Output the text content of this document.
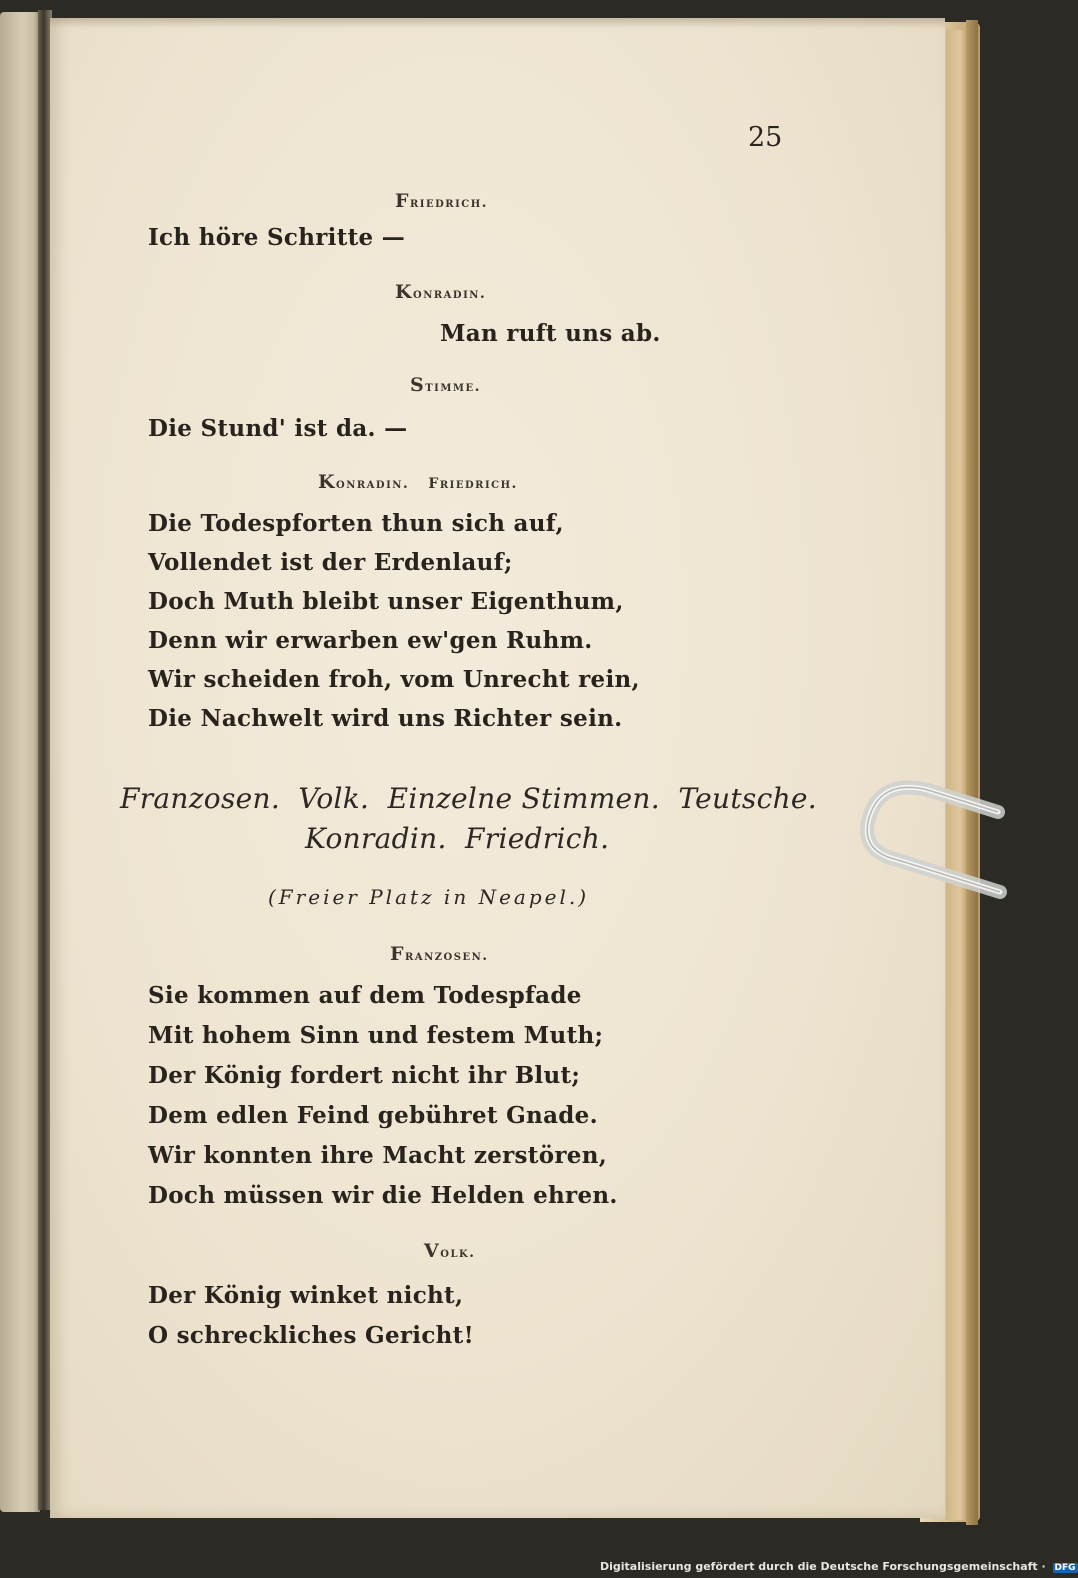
25
Friedrich.
Ich höre Schritte —
Konradin.
Man ruft uns ab.
Stimme.
Die Stund' ist da. —
Konradin.   Friedrich.
Die Todespforten thun sich auf,
Vollendet ist der Erdenlauf;
Doch Muth bleibt unser Eigenthum,
Denn wir erwarben ew'gen Ruhm.
Wir scheiden froh, vom Unrecht rein,
Die Nachwelt wird uns Richter sein.
Franzosen.  Volk.  Einzelne Stimmen.  Teutsche.
Konradin.  Friedrich.
(Freier Platz in Neapel.)
Franzosen.
Sie kommen auf dem Todespfade
Mit hohem Sinn und festem Muth;
Der König fordert nicht ihr Blut;
Dem edlen Feind gebühret Gnade.
Wir konnten ihre Macht zerstören,
Doch müssen wir die Helden ehren.
Volk.
Der König winket nicht,
O schreckliches Gericht!
Digitalisierung gefördert durch die Deutsche Forschungsgemeinschaft · DFG
